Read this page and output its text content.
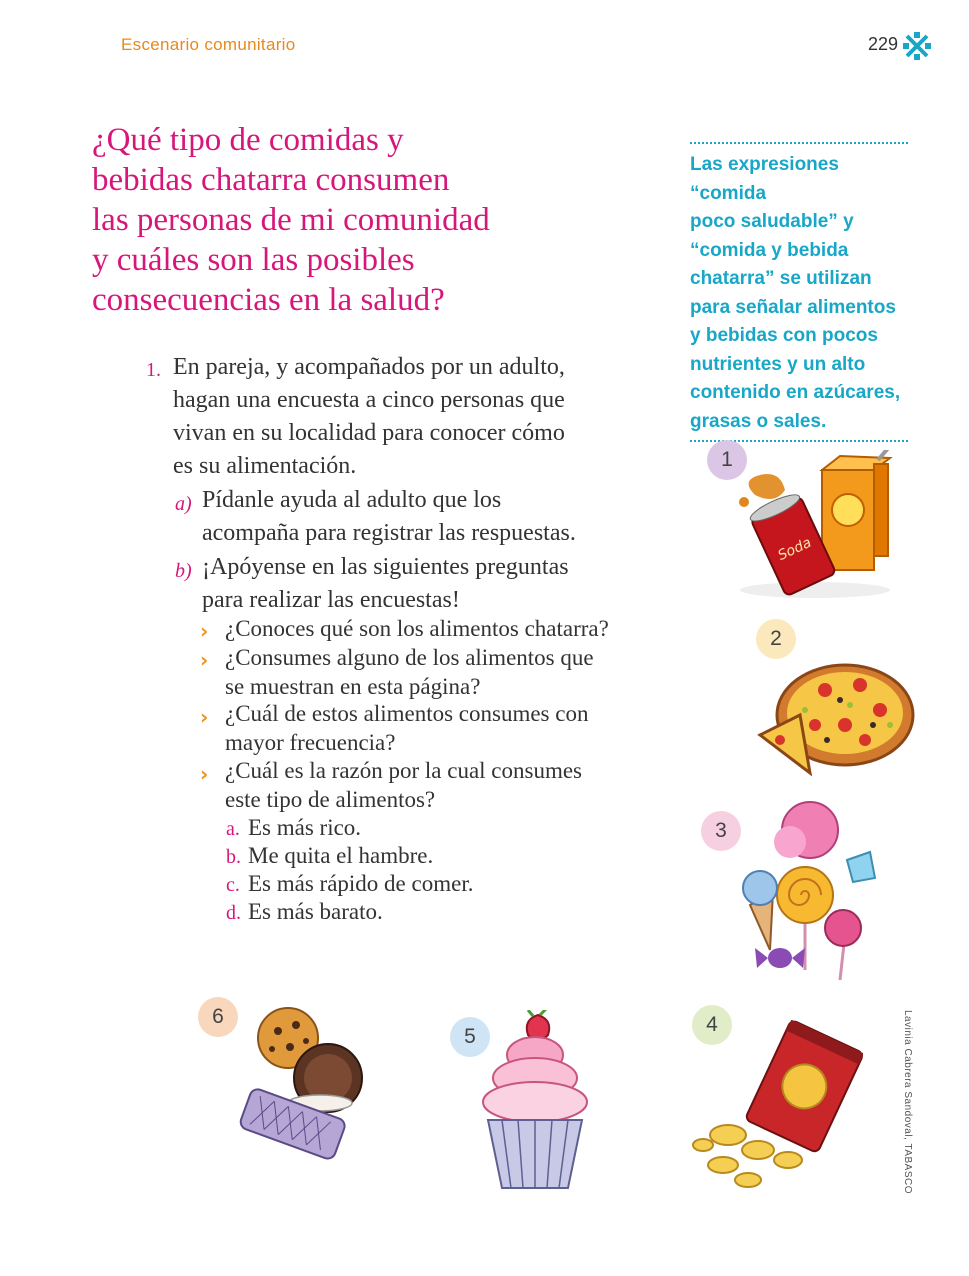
Escenario comunitario	229
¿Qué tipo de comidas y
bebidas chatarra consumen
las personas de mi comunidad
y cuáles son las posibles
consecuencias en la salud?
Las expresiones “comida
poco saludable” y
“comida y bebida
chatarra” se utilizan
para señalar alimentos
y bebidas con pocos
nutrientes y un alto
contenido en azúcares,
grasas o sales.
1. En pareja, y acompañados por un adulto,
hagan una encuesta a cinco personas que
vivan en su localidad para conocer cómo
es su alimentación.
a) Pídanle ayuda al adulto que los
acompaña para registrar las respuestas.
b) ¡Apóyense en las siguientes preguntas
para realizar las encuestas!
› ¿Conoces qué son los alimentos chatarra?
› ¿Consumes alguno de los alimentos que
se muestran en esta página?
› ¿Cuál de estos alimentos consumes con
mayor frecuencia?
› ¿Cuál es la razón por la cual consumes
este tipo de alimentos?
a. Es más rico.
b. Me quita el hambre.
c. Es más rápido de comer.
d. Es más barato.
1
Soda
2
3
4
5
6	Lavinia Cabrera Sandoval, TABASCO
